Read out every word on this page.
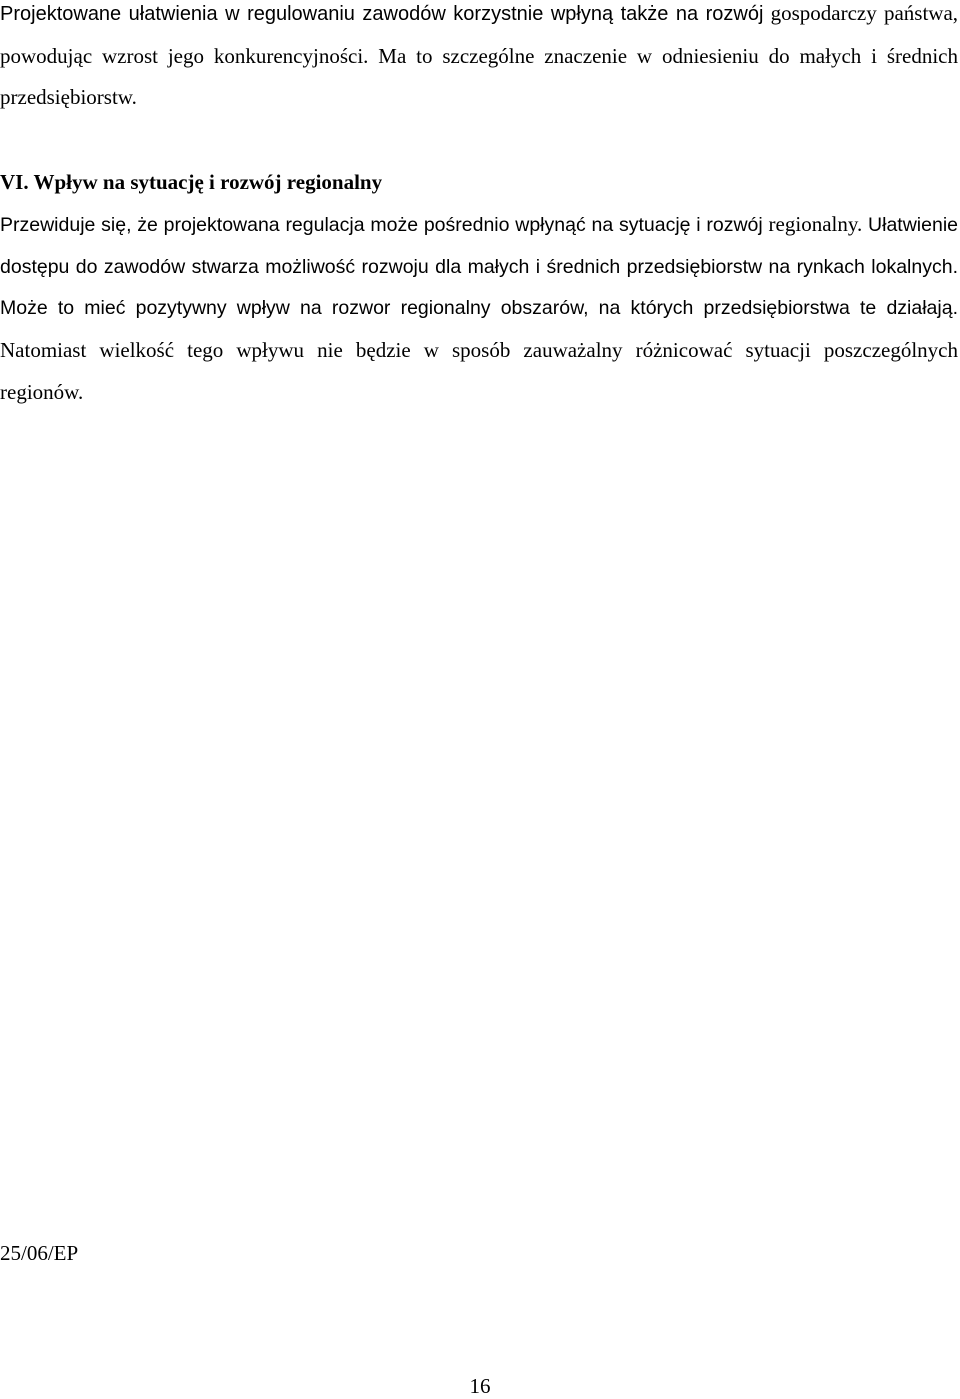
Projektowane ułatwienia w regulowaniu zawodów korzystnie wpłyną także na rozwój gospodarczy państwa, powodując wzrost jego konkurencyjności. Ma to szczególne znaczenie w odniesieniu do małych i średnich przedsiębiorstw.

VI. Wpływ na sytuację i rozwój regionalny

Przewiduje się, że projektowana regulacja może pośrednio wpłynąć na sytuację i rozwój regionalny. Ułatwienie dostępu do zawodów stwarza możliwość rozwoju dla małych i średnich przedsiębiorstw na rynkach lokalnych. Może to mieć pozytywny wpływ na rozwor regionalny obszarów, na których przedsiębiorstwa te działają. Natomiast wielkość tego wpływu nie będzie w sposób zauważalny różnicować sytuacji poszczególnych regionów.

25/06/EP

16
